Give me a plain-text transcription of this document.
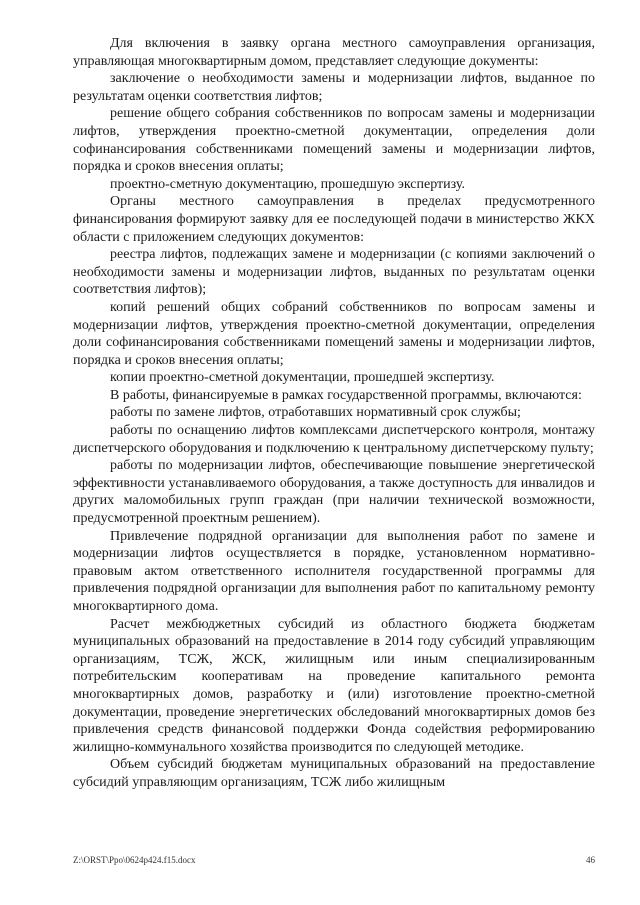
Для включения в заявку органа местного самоуправления организация, управляющая многоквартирным домом, представляет следующие документы:

заключение о необходимости замены и модернизации лифтов, выданное по результатам оценки соответствия лифтов;

решение общего собрания собственников по вопросам замены и модернизации лифтов, утверждения проектно-сметной документации, определения доли софинансирования собственниками помещений замены и модернизации лифтов, порядка и сроков внесения оплаты;

проектно-сметную документацию, прошедшую экспертизу.

Органы местного самоуправления в пределах предусмотренного финансирования формируют заявку для ее последующей подачи в министерство ЖКХ области с приложением следующих документов:

реестра лифтов, подлежащих замене и модернизации (с копиями заключений о необходимости замены и модернизации лифтов, выданных по результатам оценки соответствия лифтов);

копий решений общих собраний собственников по вопросам замены и модернизации лифтов, утверждения проектно-сметной документации, определения доли софинансирования собственниками помещений замены и модернизации лифтов, порядка и сроков внесения оплаты;

копии проектно-сметной документации, прошедшей экспертизу.

В работы, финансируемые в рамках государственной программы, включаются:

работы по замене лифтов, отработавших нормативный срок службы;

работы по оснащению лифтов комплексами диспетчерского контроля, монтажу диспетчерского оборудования и подключению к центральному диспетчерскому пульту;

работы по модернизации лифтов, обеспечивающие повышение энергетической эффективности устанавливаемого оборудования, а также доступность для инвалидов и других маломобильных групп граждан (при наличии технической возможности, предусмотренной проектным решением).

Привлечение подрядной организации для выполнения работ по замене и модернизации лифтов осуществляется в порядке, установленном нормативно-правовым актом ответственного исполнителя государственной программы для привлечения подрядной организации для выполнения работ по капитальному ремонту многоквартирного дома.

Расчет межбюджетных субсидий из областного бюджета бюджетам муниципальных образований на предоставление в 2014 году субсидий управляющим организациям, ТСЖ, ЖСК, жилищным или иным специализированным потребительским кооперативам на проведение капитального ремонта многоквартирных домов, разработку и (или) изготовление проектно-сметной документации, проведение энергетических обследований многоквартирных домов без привлечения средств финансовой поддержки Фонда содействия реформированию жилищно-коммунального хозяйства производится по следующей методике.

Объем субсидий бюджетам муниципальных образований на предоставление субсидий управляющим организациям, ТСЖ либо жилищным

Z:\ORST\Ppo\0624p424.f15.docx	46
